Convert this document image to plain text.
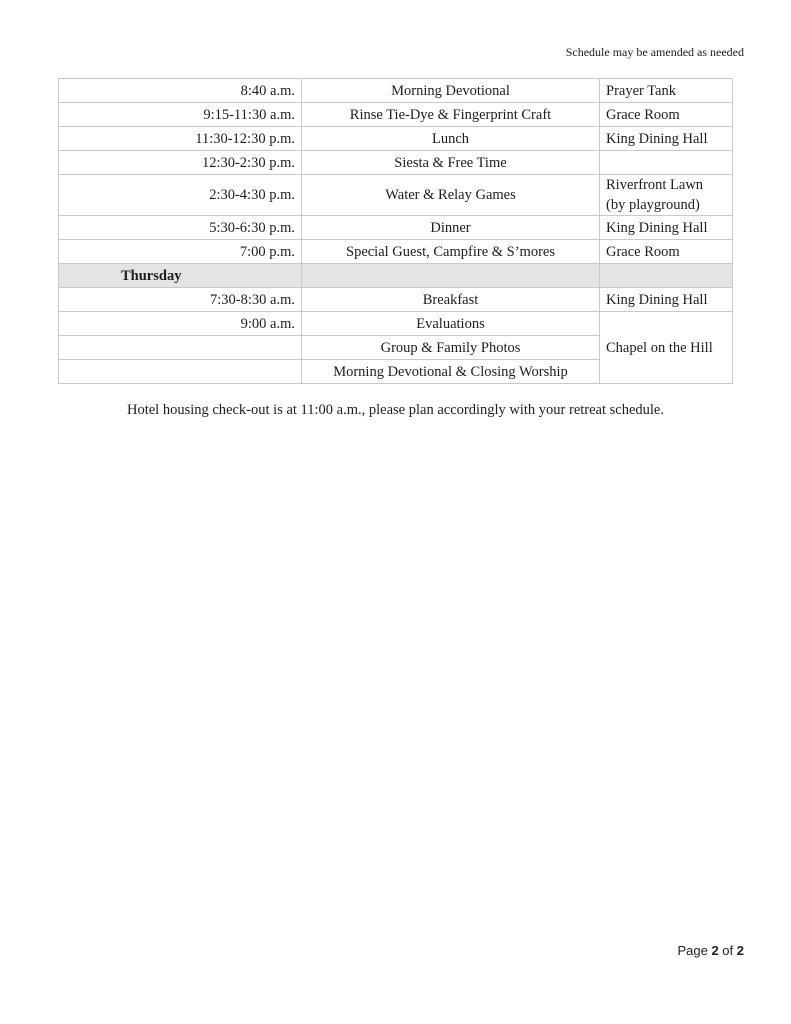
Schedule may be amended as needed
8:40 a.m.	Morning Devotional	Prayer Tank
9:15-11:30 a.m.	Rinse Tie-Dye & Fingerprint Craft	Grace Room
11:30-12:30 p.m.	Lunch	King Dining Hall
12:30-2:30 p.m.	Siesta & Free Time	
2:30-4:30 p.m.	Water & Relay Games	Riverfront Lawn
(by playground)
5:30-6:30 p.m.	Dinner	King Dining Hall
7:00 p.m.	Special Guest, Campfire & S’mores	Grace Room
Thursday		
7:30-8:30 a.m.	Breakfast	King Dining Hall
9:00 a.m.	Evaluations	Chapel on the Hill
	Group & Family Photos	
	Morning Devotional & Closing Worship	
Hotel housing check-out is at 11:00 a.m., please plan accordingly with your retreat schedule.
Page 2 of 2
